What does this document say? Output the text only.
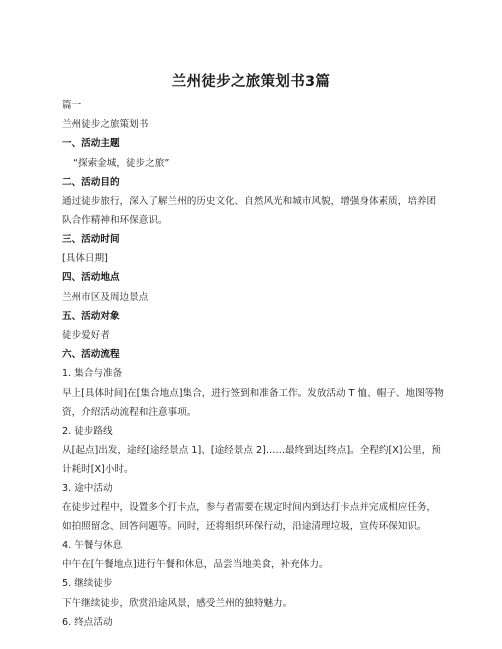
兰州徒步之旅策划书3篇
篇一
兰州徒步之旅策划书
一、活动主题
“探索金城，徒步之旅”
二、活动目的
通过徒步旅行，深入了解兰州的历史文化、自然风光和城市风貌，增强身体素质，培养团队合作精神和环保意识。
三、活动时间
[具体日期]
四、活动地点
兰州市区及周边景点
五、活动对象
徒步爱好者
六、活动流程
1. 集合与准备
早上[具体时间]在[集合地点]集合，进行签到和准备工作。发放活动 T 恤、帽子、地图等物资，介绍活动流程和注意事项。
2. 徒步路线
从[起点]出发，途经[途经景点 1]、[途经景点 2]……最终到达[终点]。全程约[X]公里，预计耗时[X]小时。
3. 途中活动
在徒步过程中，设置多个打卡点，参与者需要在规定时间内到达打卡点并完成相应任务，如拍照留念、回答问题等。同时，还将组织环保行动，沿途清理垃圾，宣传环保知识。
4. 午餐与休息
中午在[午餐地点]进行午餐和休息，品尝当地美食，补充体力。
5. 继续徒步
下午继续徒步，欣赏沿途风景，感受兰州的独特魅力。
6. 终点活动
